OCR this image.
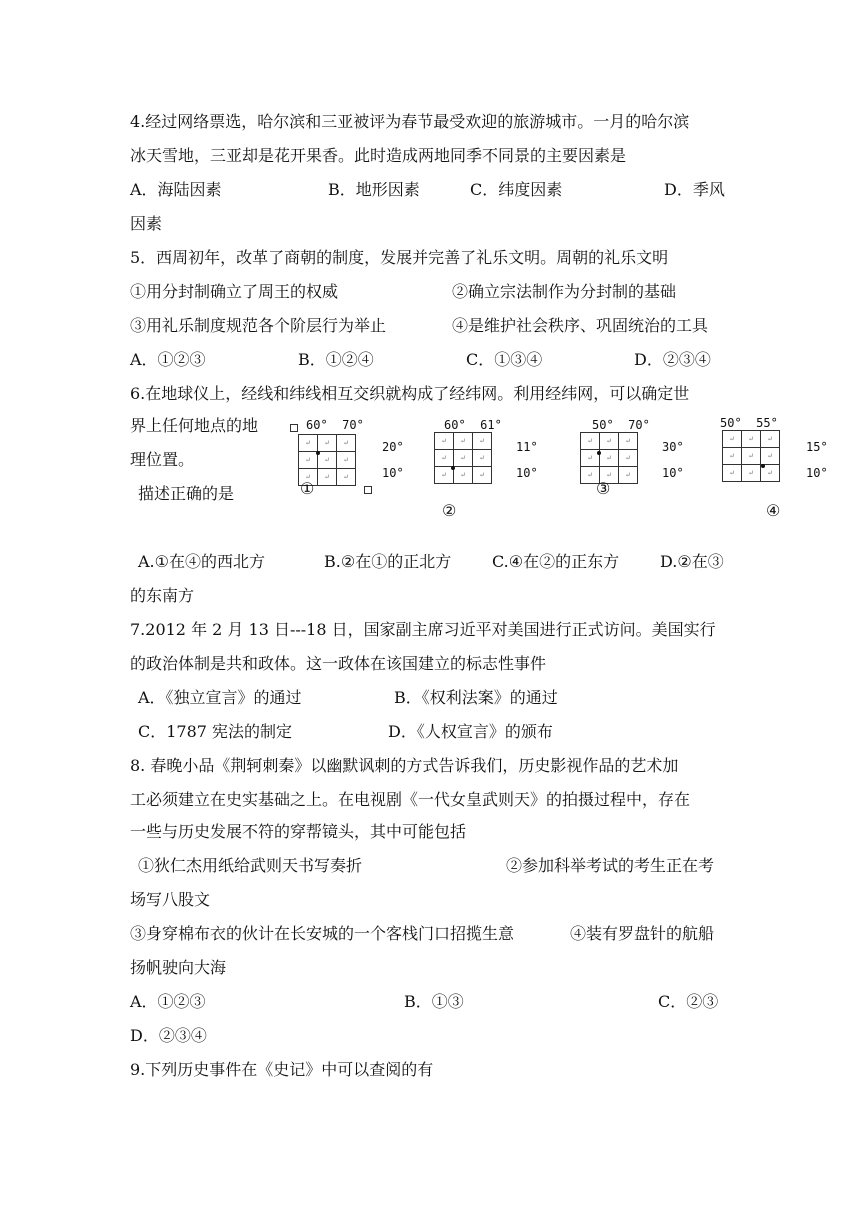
4.经过网络票选，哈尔滨和三亚被评为春节最受欢迎的旅游城市。一月的哈尔滨
冰天雪地，三亚却是花开果香。此时造成两地同季不同景的主要因素是
A．海陆因素	B．地形因素	C．纬度因素	D．季风
因素
5．西周初年，改革了商朝的制度，发展并完善了礼乐文明。周朝的礼乐文明
①用分封制确立了周王的权威	②确立宗法制作为分封制的基础
③用礼乐制度规范各个阶层行为举止	④是维护社会秩序、巩固统治的工具
A．①②③	B．①②④	C．①③④	D．②③④
6.在地球仪上，经线和纬线相互交织就构成了经纬网。利用经纬网，可以确定世
界上任何地点的地
理位置。
描述正确的是
60°  70°
↵	↵	↵
↵	↵	↵
↵	↵	↵
20°
10°
①
60°  61°
↵	↵	↵
↵	↵	↵
↵	↵	↵
11°
10°
②
50°  70°
↵	↵	↵
↵	↵	↵
↵	↵	↵
30°
10°
③
50°  55°
↵	↵	↵
↵	↵	↵
↵	↵	↵
15°
10°
④
A.①在④的西北方	B.②在①的正北方	C.④在②的正东方	D.②在③
的东南方
7.2012 年 2 月 13 日---18 日，国家副主席习近平对美国进行正式访问。美国实行
的政治体制是共和政体。这一政体在该国建立的标志性事件
A．《独立宣言》的通过	B．《权利法案》的通过
C．1787 宪法的制定	D．《人权宣言》的颁布
8. 春晚小品《荆轲刺秦》以幽默讽刺的方式告诉我们，历史影视作品的艺术加
工必须建立在史实基础之上。在电视剧《一代女皇武则天》的拍摄过程中，存在
一些与历史发展不符的穿帮镜头，其中可能包括
①狄仁杰用纸给武则天书写奏折	②参加科举考试的考生正在考
场写八股文
③身穿棉布衣的伙计在长安城的一个客栈门口招揽生意	④装有罗盘针的航船
扬帆驶向大海
A．①②③	B．①③	C．②③
D．②③④
9.下列历史事件在《史记》中可以查阅的有
